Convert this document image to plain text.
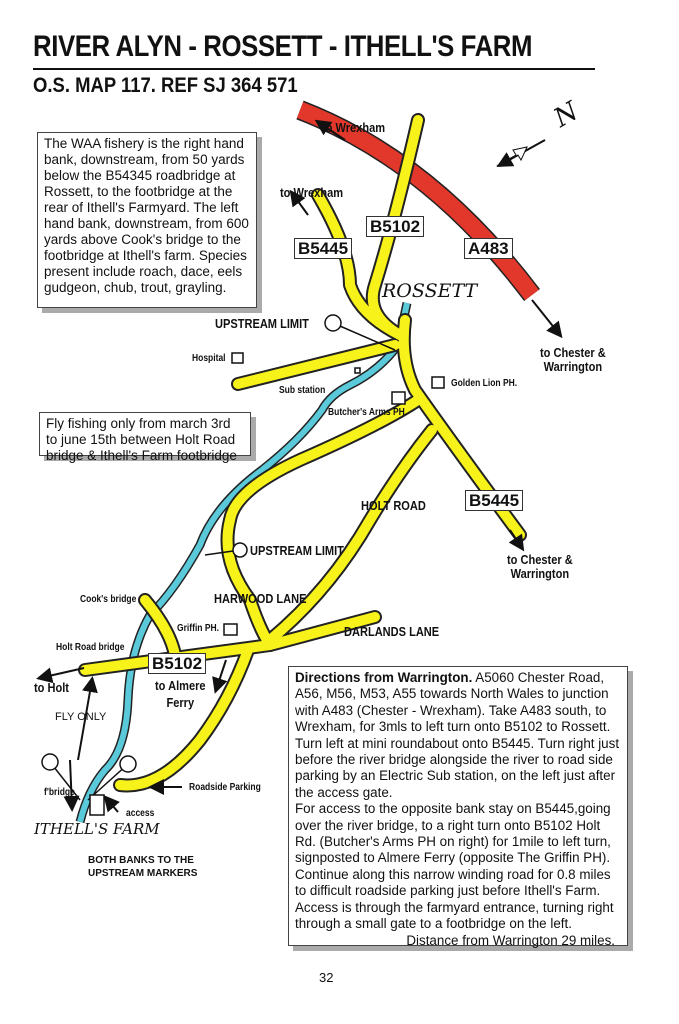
RIVER ALYN - ROSSETT - ITHELL'S FARM
O.S. MAP 117. REF SJ 364 571
The WAA fishery is the right hand bank, downstream, from 50 yards below the B54345 roadbridge at Rossett, to the footbridge at the rear of Ithell's Farmyard. The left hand bank, downstream, from 600 yards above Cook's bridge to the footbridge at Ithell's farm. Species present include roach, dace, eels gudgeon, chub, trout, grayling.
Fly fishing only from march 3rd to june 15th between Holt Road bridge & Ithell's Farm footbridge
Directions from Warrington. A5060 Chester Road, A56, M56, M53, A55 towards North Wales to junction with A483 (Chester - Wrexham). Take A483 south, to Wrexham, for 3mls to left turn onto B5102 to Rossett. Turn left at mini roundabout onto B5445. Turn right just before the river bridge alongside the river to road side parking by an Electric Sub station, on the left just after the access gate.
For access to the opposite bank stay on B5445,going over the river bridge, to a right turn onto B5102 Holt Rd. (Butcher's Arms PH on right) for 1mile to left turn, signposted to Almere Ferry (opposite The Griffin PH). Continue along this narrow winding road for 0.8 miles to difficult roadside parking just before Ithell's Farm. Access is through the farmyard entrance, turning right through a small gate to a footbridge on the left.
Distance from Warrington 29 miles.
to Wrexham
to Wrexham
B5102
B5445	A483
ROSSETT
N
UPSTREAM LIMIT
Hospital
Sub station
Golden Lion PH.
Butcher's Arms PH.
to Chester &
Warrington
HOLT ROAD	B5445
to Chester &
Warrington
UPSTREAM LIMIT
HARWOOD LANE
Cook's bridge
Griffin PH.	DARLANDS LANE
Holt Road bridge
B5102
to Holt	to Almere
Ferry
FLY ONLY
f'bridge	Roadside Parking
access
ITHELL'S FARM
BOTH BANKS TO THE
UPSTREAM MARKERS
32
